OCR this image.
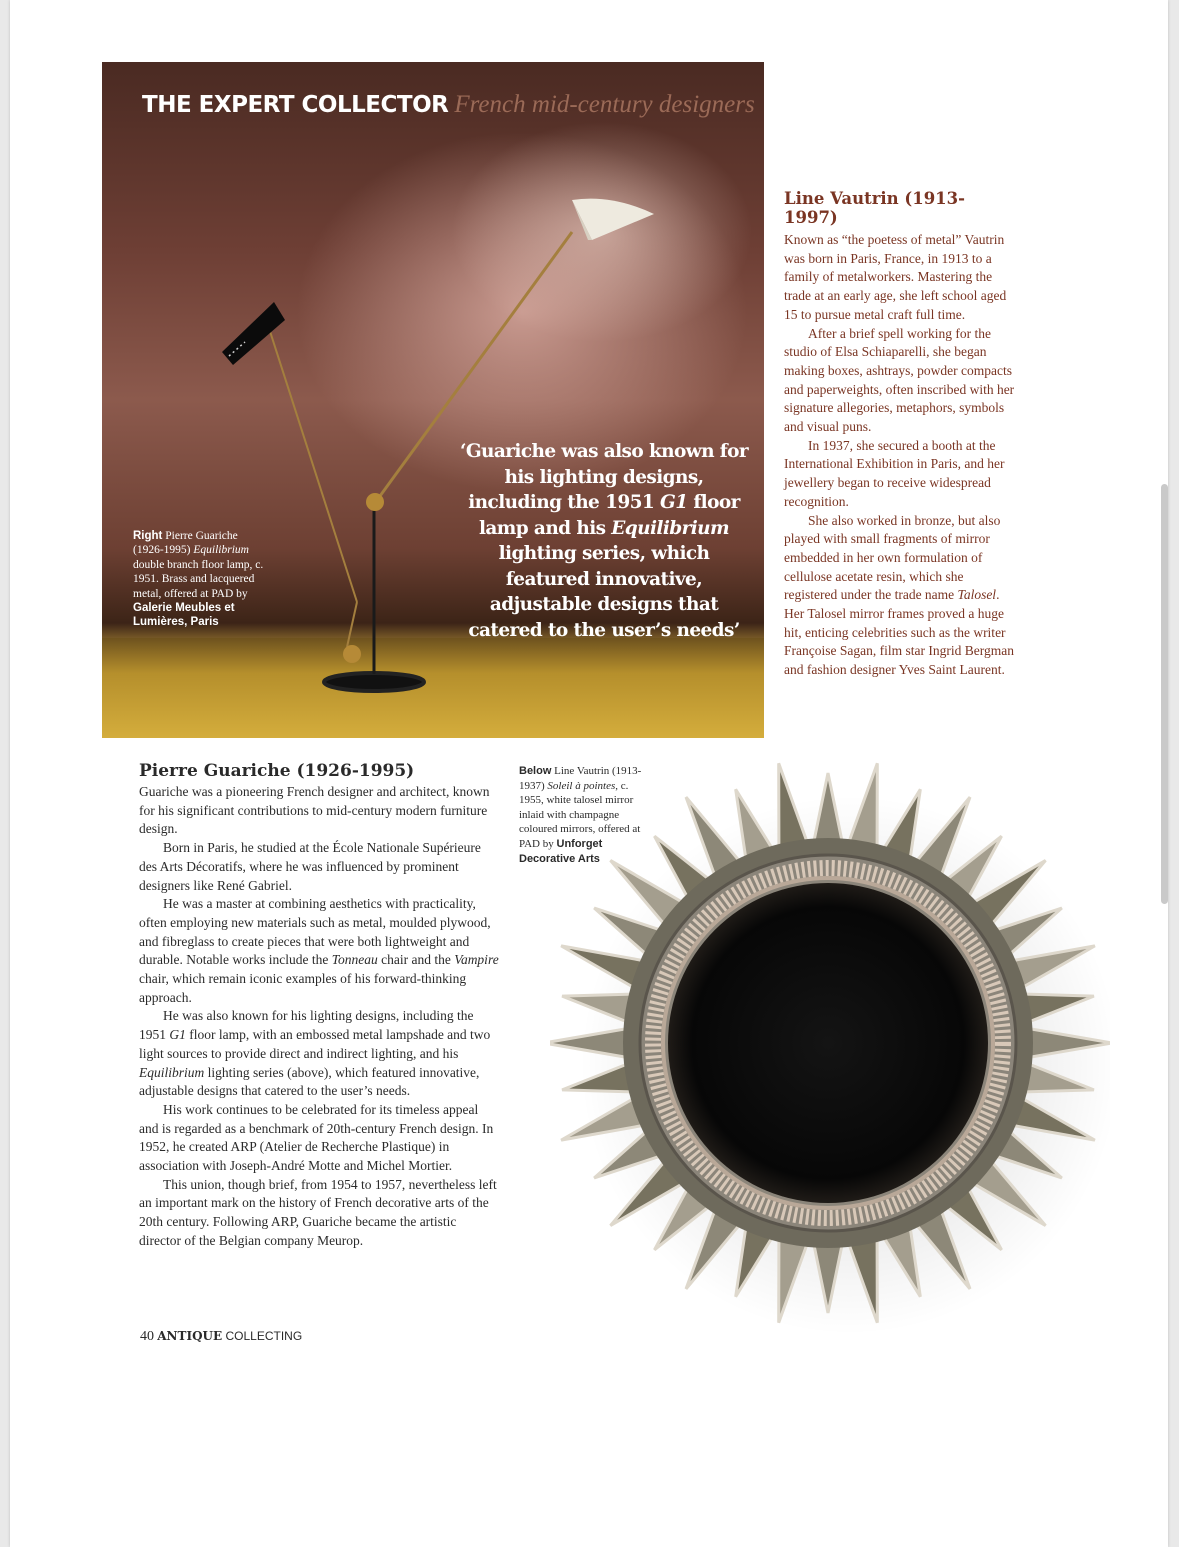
THE EXPERT COLLECTOR French mid-century designers
Right Pierre Guariche (1926-1995) Equilibrium double branch floor lamp, c. 1951. Brass and lacquered metal, offered at PAD by Galerie Meubles et Lumières, Paris
‘Guariche was also known for his lighting designs, including the 1951 G1 floor lamp and his Equilibrium lighting series, which featured innovative, adjustable designs that catered to the user’s needs’
Line Vautrin (1913-1997)

Known as “the poetess of metal” Vautrin was born in Paris, France, in 1913 to a family of metalworkers. Mastering the trade at an early age, she left school aged 15 to pursue metal craft full time.

After a brief spell working for the studio of Elsa Schiaparelli, she began making boxes, ashtrays, powder compacts and paperweights, often inscribed with her signature allegories, metaphors, symbols and visual puns.

In 1937, she secured a booth at the International Exhibition in Paris, and her jewellery began to receive widespread recognition.

She also worked in bronze, but also played with small fragments of mirror embedded in her own formulation of cellulose acetate resin, which she registered under the trade name Talosel. Her Talosel mirror frames proved a huge hit, enticing celebrities such as the writer Françoise Sagan, film star Ingrid Bergman and fashion designer Yves Saint Laurent.

Pierre Guariche (1926-1995)

Guariche was a pioneering French designer and architect, known for his significant contributions to mid-century modern furniture design.

Born in Paris, he studied at the École Nationale Supérieure des Arts Décoratifs, where he was influenced by prominent designers like René Gabriel.

He was a master at combining aesthetics with practicality, often employing new materials such as metal, moulded plywood, and fibreglass to create pieces that were both lightweight and durable. Notable works include the Tonneau chair and the Vampire chair, which remain iconic examples of his forward-thinking approach.

He was also known for his lighting designs, including the 1951 G1 floor lamp, with an embossed metal lampshade and two light sources to provide direct and indirect lighting, and his Equilibrium lighting series (above), which featured innovative, adjustable designs that catered to the user’s needs.

His work continues to be celebrated for its timeless appeal and is regarded as a benchmark of 20th-century French design. In 1952, he created ARP (Atelier de Recherche Plastique) in association with Joseph-André Motte and Michel Mortier.

This union, though brief, from 1954 to 1957, nevertheless left an important mark on the history of French decorative arts of the 20th century. Following ARP, Guariche became the artistic director of the Belgian company Meurop.

Below Line Vautrin (1913-1937) Soleil à pointes, c. 1955, white talosel mirror inlaid with champagne coloured mirrors, offered at PAD by Unforget Decorative Arts
40 ANTIQUE COLLECTING
